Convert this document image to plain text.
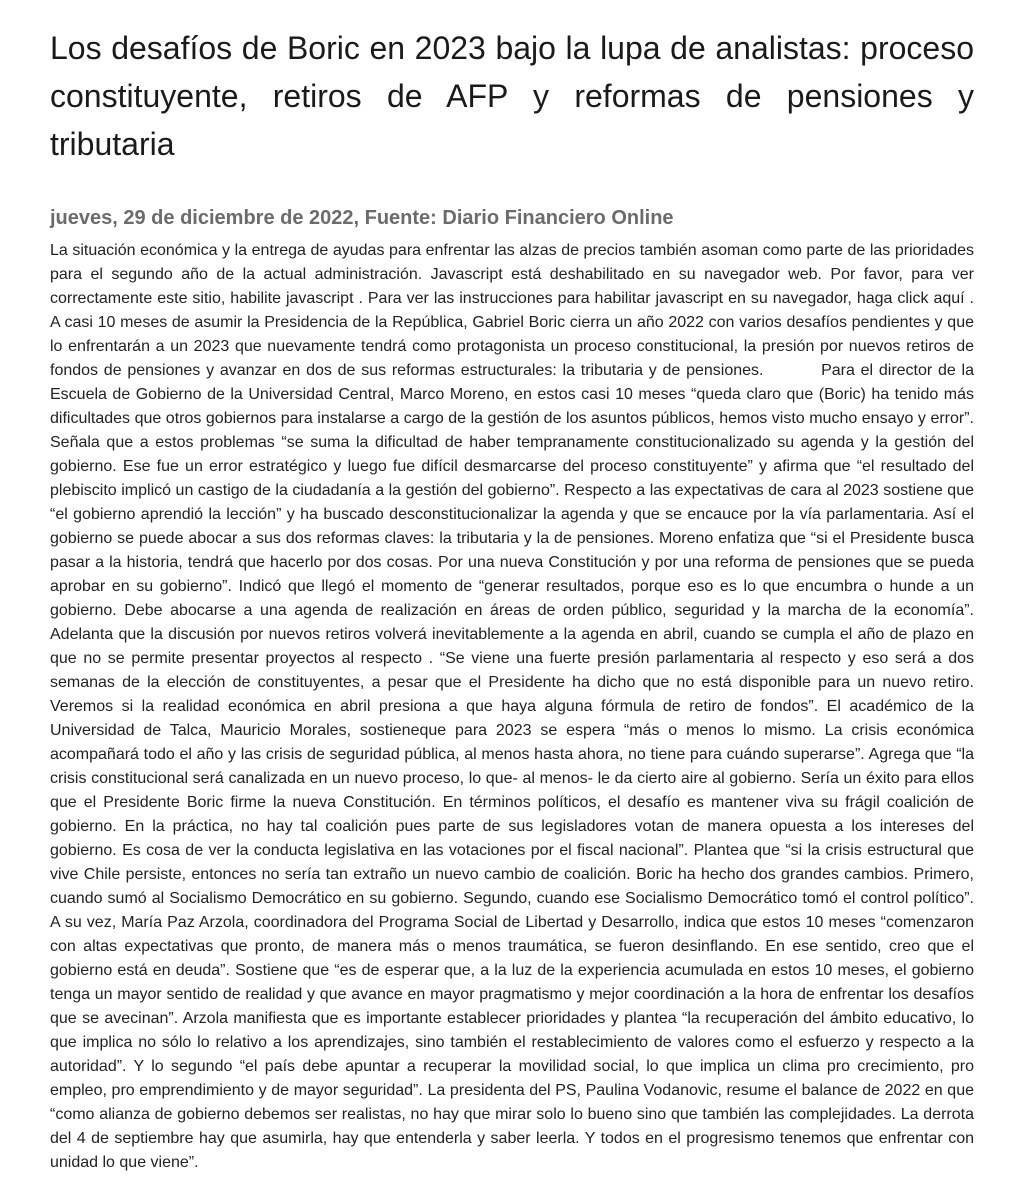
Los desafíos de Boric en 2023 bajo la lupa de analistas: proceso constituyente, retiros de AFP y reformas de pensiones y tributaria
jueves, 29 de diciembre de 2022, Fuente: Diario Financiero Online
La situación económica y la entrega de ayudas para enfrentar las alzas de precios también asoman como parte de las prioridades para el segundo año de la actual administración. Javascript está deshabilitado en su navegador web. Por favor, para ver correctamente este sitio, habilite javascript . Para ver las instrucciones para habilitar javascript en su navegador, haga click aquí . A casi 10 meses de asumir la Presidencia de la República, Gabriel Boric cierra un año 2022 con varios desafíos pendientes y que lo enfrentarán a un 2023 que nuevamente tendrá como protagonista un proceso constitucional, la presión por nuevos retiros de fondos de pensiones y avanzar en dos de sus reformas estructurales: la tributaria y de pensiones.          Para el director de la Escuela de Gobierno de la Universidad Central, Marco Moreno, en estos casi 10 meses “queda claro que (Boric) ha tenido más dificultades que otros gobiernos para instalarse a cargo de la gestión de los asuntos públicos, hemos visto mucho ensayo y error”. Señala que a estos problemas “se suma la dificultad de haber tempranamente constitucionalizado su agenda y la gestión del gobierno. Ese fue un error estratégico y luego fue difícil desmarcarse del proceso constituyente” y afirma que “el resultado del plebiscito implicó un castigo de la ciudadanía a la gestión del gobierno”. Respecto a las expectativas de cara al 2023 sostiene que “el gobierno aprendió la lección” y ha buscado desconstitucionalizar la agenda y que se encauce por la vía parlamentaria. Así el gobierno se puede abocar a sus dos reformas claves: la tributaria y la de pensiones. Moreno enfatiza que “si el Presidente busca pasar a la historia, tendrá que hacerlo por dos cosas. Por una nueva Constitución y por una reforma de pensiones que se pueda aprobar en su gobierno”. Indicó que llegó el momento de “generar resultados, porque eso es lo que encumbra o hunde a un gobierno. Debe abocarse a una agenda de realización en áreas de orden público, seguridad y la marcha de la economía”. Adelanta que la discusión por nuevos retiros volverá inevitablemente a la agenda en abril, cuando se cumpla el año de plazo en que no se permite presentar proyectos al respecto . “Se viene una fuerte presión parlamentaria al respecto y eso será a dos semanas de la elección de constituyentes, a pesar que el Presidente ha dicho que no está disponible para un nuevo retiro. Veremos si la realidad económica en abril presiona a que haya alguna fórmula de retiro de fondos”. El académico de la Universidad de Talca, Mauricio Morales, sostieneque para 2023 se espera “más o menos lo mismo. La crisis económica acompañará todo el año y las crisis de seguridad pública, al menos hasta ahora, no tiene para cuándo superarse”. Agrega que “la crisis constitucional será canalizada en un nuevo proceso, lo que- al menos- le da cierto aire al gobierno. Sería un éxito para ellos que el Presidente Boric firme la nueva Constitución. En términos políticos, el desafío es mantener viva su frágil coalición de gobierno. En la práctica, no hay tal coalición pues parte de sus legisladores votan de manera opuesta a los intereses del gobierno. Es cosa de ver la conducta legislativa en las votaciones por el fiscal nacional”. Plantea que “si la crisis estructural que vive Chile persiste, entonces no sería tan extraño un nuevo cambio de coalición. Boric ha hecho dos grandes cambios. Primero, cuando sumó al Socialismo Democrático en su gobierno. Segundo, cuando ese Socialismo Democrático tomó el control político”. A su vez, María Paz Arzola, coordinadora del Programa Social de Libertad y Desarrollo, indica que estos 10 meses “comenzaron con altas expectativas que pronto, de manera más o menos traumática, se fueron desinflando. En ese sentido, creo que el gobierno está en deuda”. Sostiene que “es de esperar que, a la luz de la experiencia acumulada en estos 10 meses, el gobierno tenga un mayor sentido de realidad y que avance en mayor pragmatismo y mejor coordinación a la hora de enfrentar los desafíos que se avecinan”. Arzola manifiesta que es importante establecer prioridades y plantea “la recuperación del ámbito educativo, lo que implica no sólo lo relativo a los aprendizajes, sino también el restablecimiento de valores como el esfuerzo y respecto a la autoridad”. Y lo segundo “el país debe apuntar a recuperar la movilidad social, lo que implica un clima pro crecimiento, pro empleo, pro emprendimiento y de mayor seguridad”. La presidenta del PS, Paulina Vodanovic, resume el balance de 2022 en que “como alianza de gobierno debemos ser realistas, no hay que mirar solo lo bueno sino que también las complejidades. La derrota del 4 de septiembre hay que asumirla, hay que entenderla y saber leerla. Y todos en el progresismo tenemos que enfrentar con unidad lo que viene”.
